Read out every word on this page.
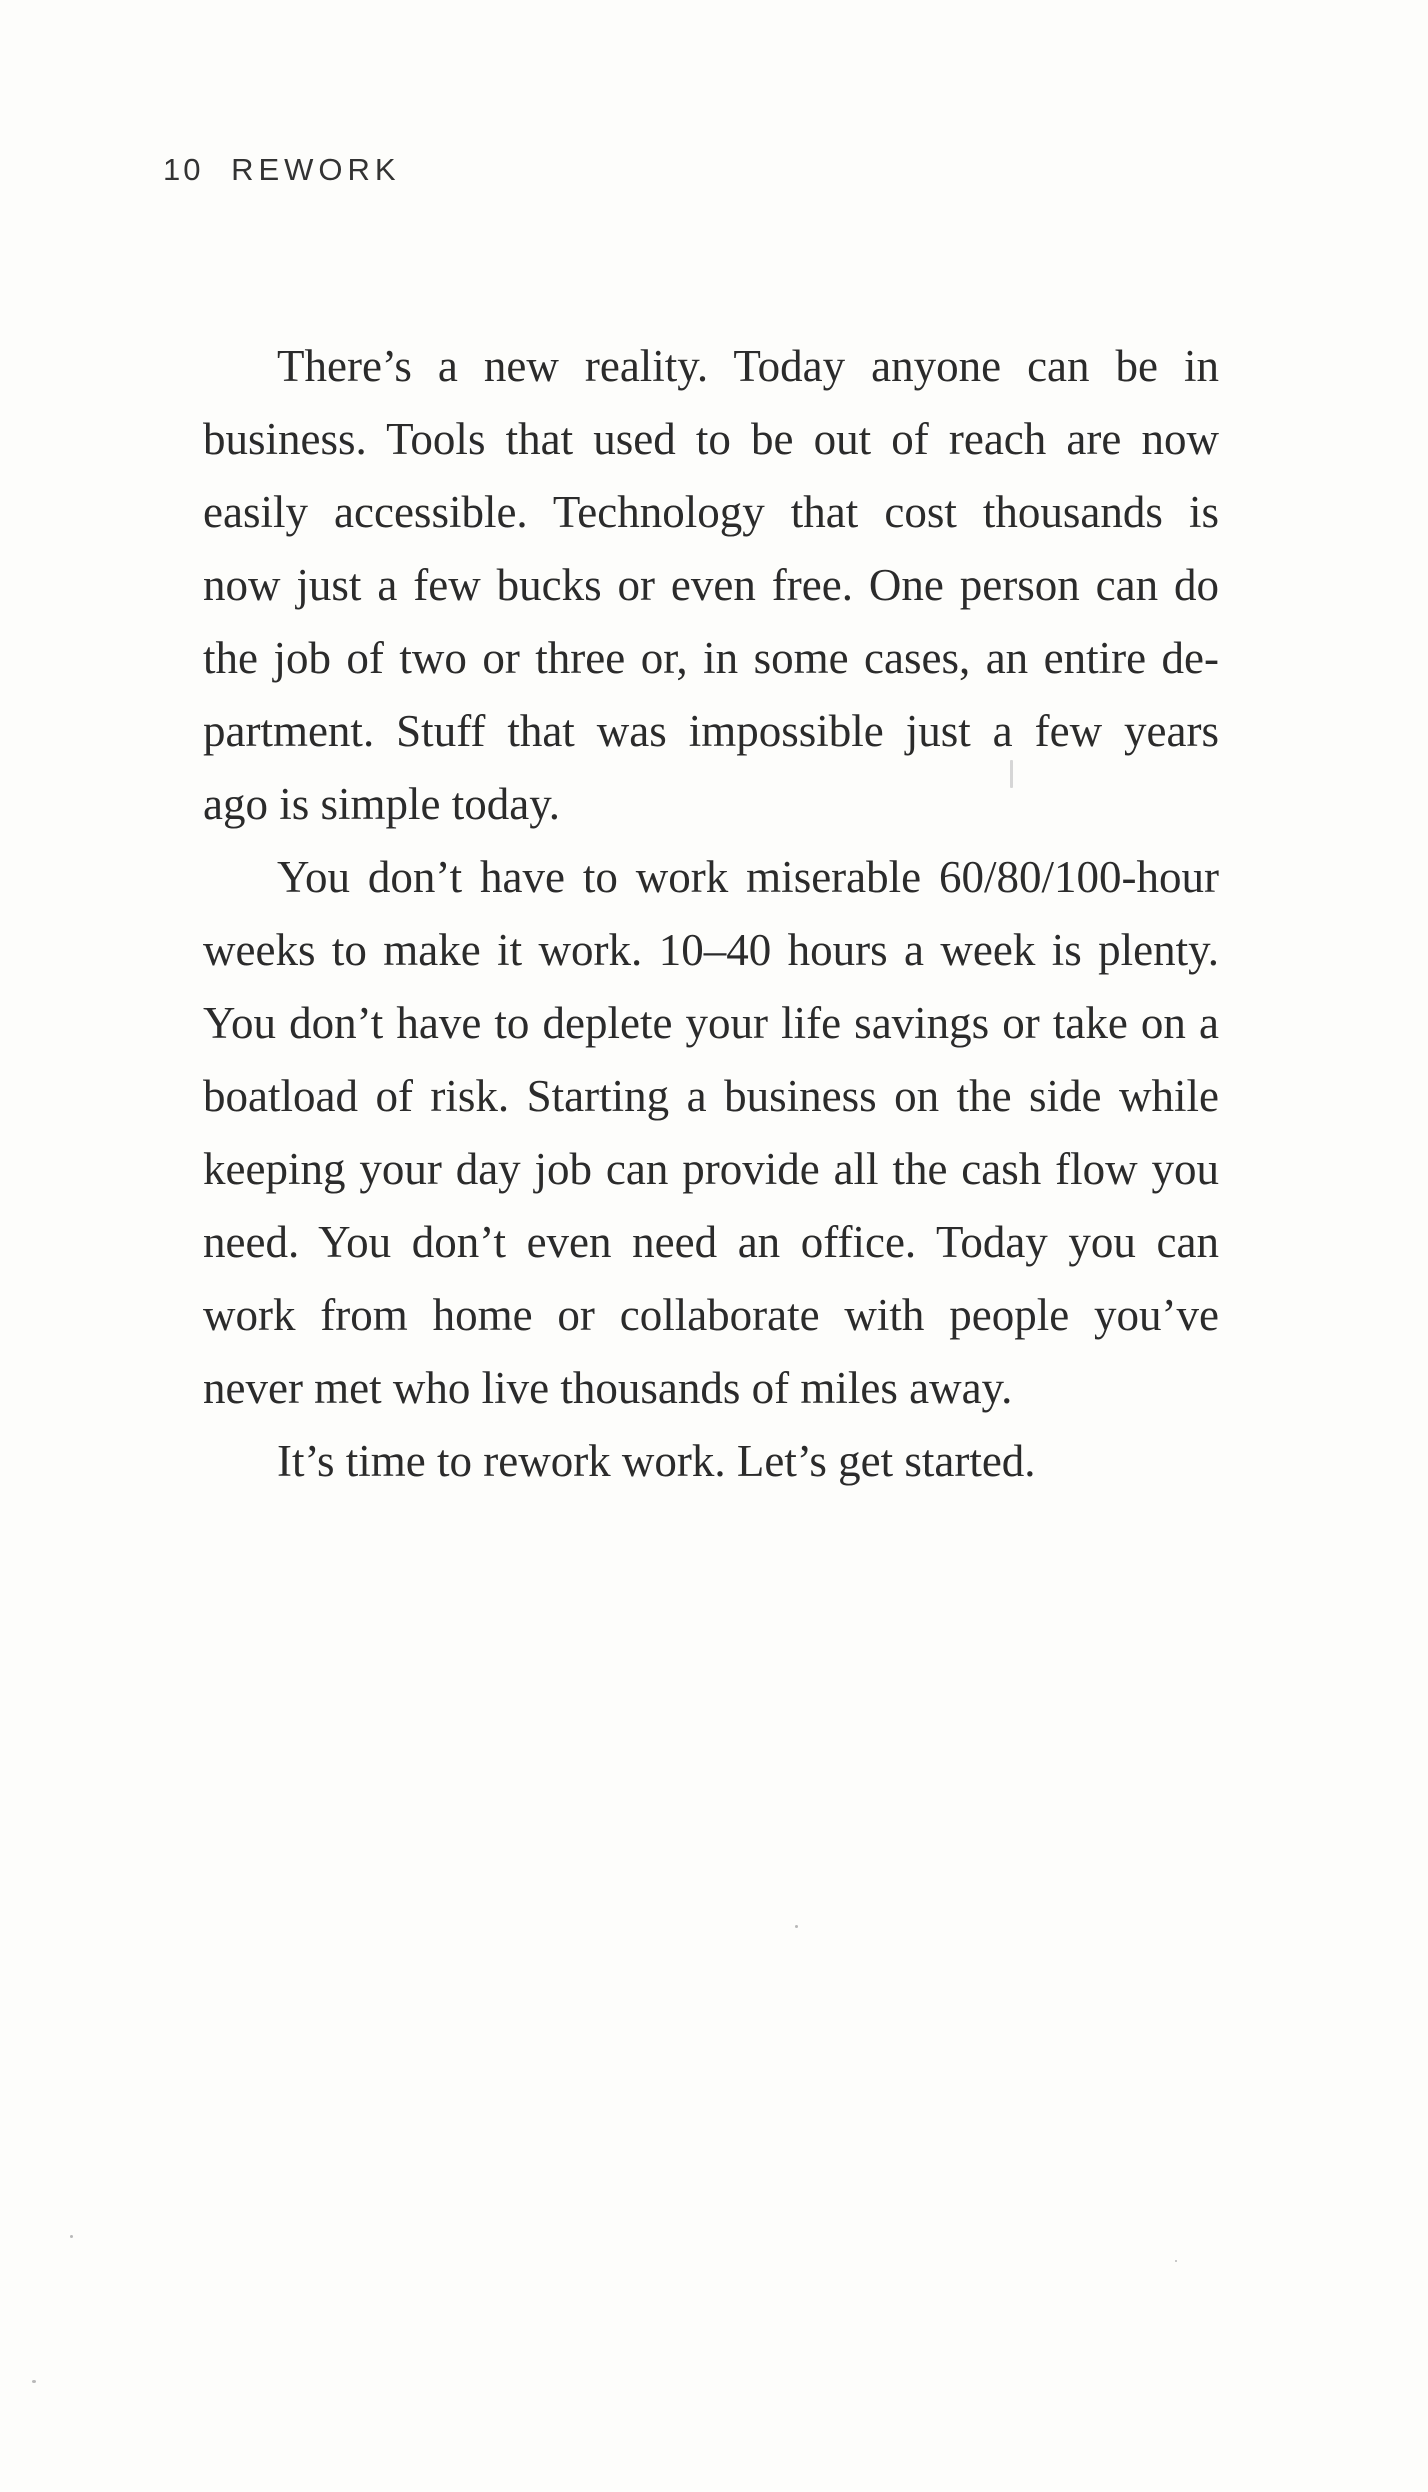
10 REWORK
There’s a new reality. Today anyone can be in
business. Tools that used to be out of reach are now
easily accessible. Technology that cost thousands is
now just a few bucks or even free. One person can do
the job of two or three or, in some cases, an entire de-
partment. Stuff that was impossible just a few years
ago is simple today.
You don’t have to work miserable 60/80/100-hour
weeks to make it work. 10–40 hours a week is plenty.
You don’t have to deplete your life savings or take on a
boatload of risk. Starting a business on the side while
keeping your day job can provide all the cash flow you
need. You don’t even need an office. Today you can
work from home or collaborate with people you’ve
never met who live thousands of miles away.
It’s time to rework work. Let’s get started.
